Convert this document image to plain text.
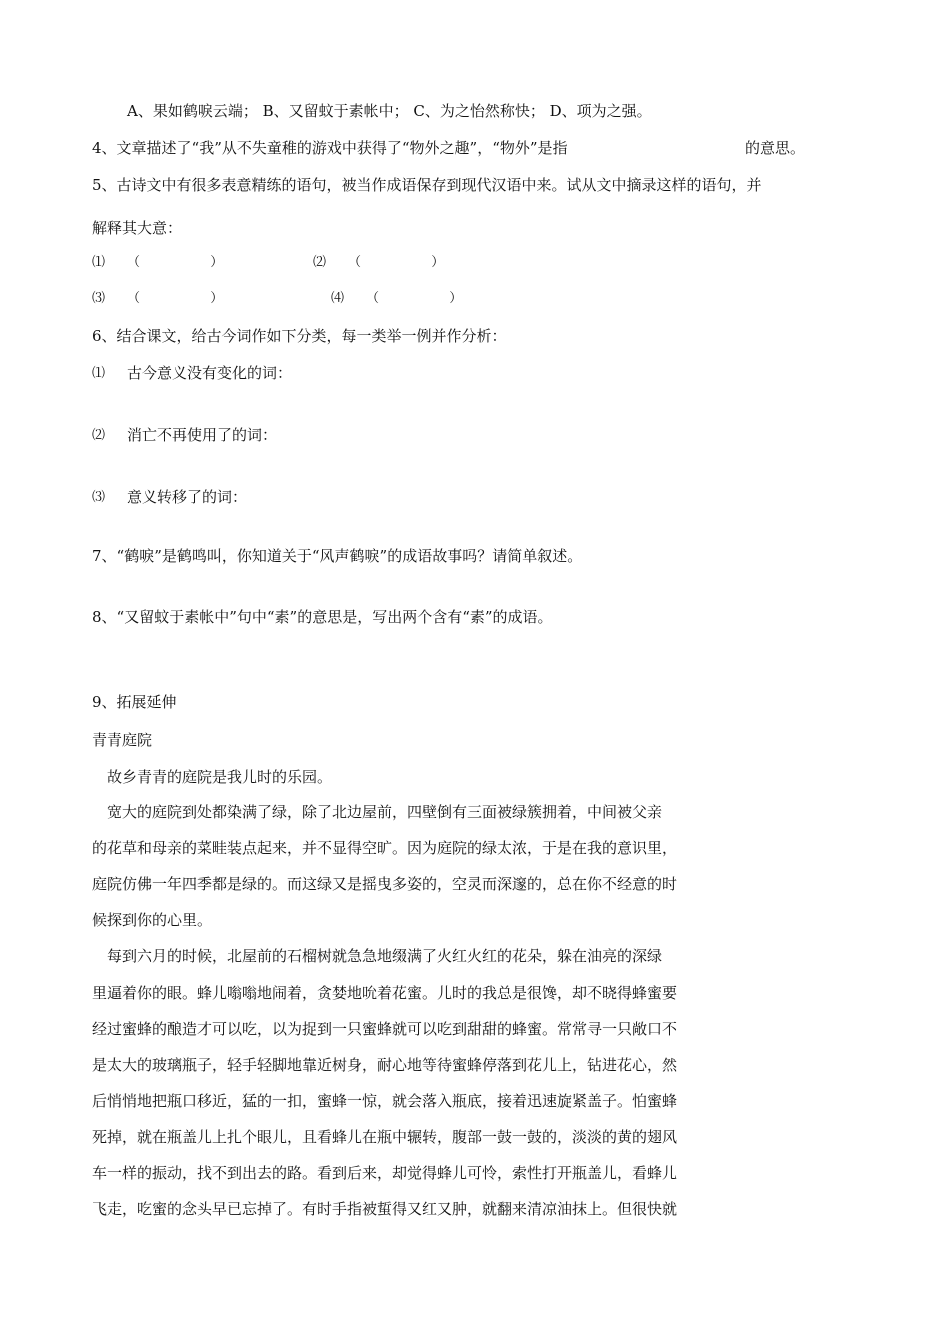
A、果如鹤唳云端； B、又留蚊于素帐中； C、为之怡然称快； D、项为之强。
4、文章描述了“我”从不失童稚的游戏中获得了“物外之趣”，“物外”是指	的意思。
5、古诗文中有很多表意精练的语句，被当作成语保存到现代汉语中来。试从文中摘录这样的语句，并
解释其大意：
⑴ （                 ）	⑵ （                 ）
⑶ （                 ）	⑷ （                 ）
6、结合课文，给古今词作如下分类，每一类举一例并作分析：
⑴ 古今意义没有变化的词：
⑵ 消亡不再使用了的词：
⑶ 意义转移了的词：
7、“鹤唳”是鹤鸣叫，你知道关于“风声鹤唳”的成语故事吗？请简单叙述。
8、“又留蚊于素帐中”句中“素”的意思是，写出两个含有“素”的成语。
9、拓展延伸
青青庭院
故乡青青的庭院是我儿时的乐园。
宽大的庭院到处都染满了绿，除了北边屋前，四壁倒有三面被绿簇拥着，中间被父亲
的花草和母亲的菜畦装点起来，并不显得空旷。因为庭院的绿太浓，于是在我的意识里，
庭院仿佛一年四季都是绿的。而这绿又是摇曳多姿的，空灵而深邃的，总在你不经意的时
候探到你的心里。
每到六月的时候，北屋前的石榴树就急急地缀满了火红火红的花朵，躲在油亮的深绿
里逼着你的眼。蜂儿嗡嗡地闹着，贪婪地吮着花蜜。儿时的我总是很馋，却不晓得蜂蜜要
经过蜜蜂的酿造才可以吃，以为捉到一只蜜蜂就可以吃到甜甜的蜂蜜。常常寻一只敞口不
是太大的玻璃瓶子，轻手轻脚地靠近树身，耐心地等待蜜蜂停落到花儿上，钻进花心，然
后悄悄地把瓶口移近，猛的一扣，蜜蜂一惊，就会落入瓶底，接着迅速旋紧盖子。怕蜜蜂
死掉，就在瓶盖儿上扎个眼儿，且看蜂儿在瓶中辗转，腹部一鼓一鼓的，淡淡的黄的翅风
车一样的振动，找不到出去的路。看到后来，却觉得蜂儿可怜，索性打开瓶盖儿，看蜂儿
飞走，吃蜜的念头早已忘掉了。有时手指被蜇得又红又肿，就翻来清凉油抹上。但很快就
